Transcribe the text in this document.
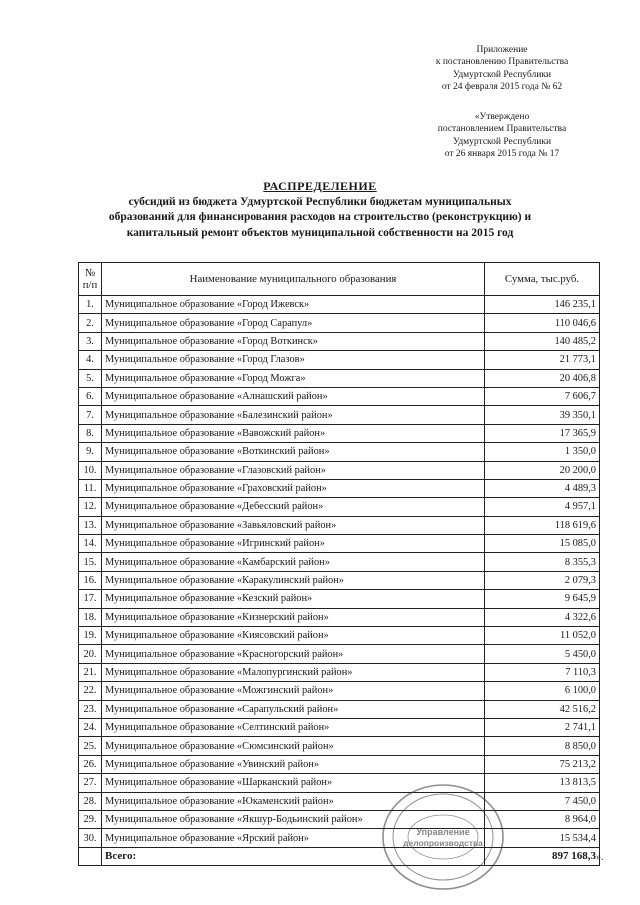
Приложение
к постановлению Правительства
Удмуртской Республики
от 24 февраля 2015 года № 62
«Утверждено
постановлением Правительства
Удмуртской Республики
от 26 января 2015 года № 17
РАСПРЕДЕЛЕНИЕ
субсидий из бюджета Удмуртской Республики бюджетам муниципальных
образований для финансирования расходов на строительство (реконструкцию) и
капитальный ремонт объектов муниципальной собственности на 2015 год
№ п/п	Наименование муниципального образования	Сумма, тыс.руб.
1.	Муниципальное образование «Город Ижевск»	146 235,1
2.	Муниципальное образование «Город Сарапул»	110 046,6
3.	Муниципальное образование «Город Воткинск»	140 485,2
4.	Муниципальное образование «Город Глазов»	21 773,1
5.	Муниципальное образование «Город Можга»	20 406,8
6.	Муниципальное образование «Алнашский район»	7 606,7
7.	Муниципальное образование «Балезинский район»	39 350,1
8.	Муниципальное образование «Вавожский район»	17 365,9
9.	Муниципальное образование «Воткинский район»	1 350,0
10.	Муниципальное образование «Глазовский район»	20 200,0
11.	Муниципальное образование «Граховский район»	4 489,3
12.	Муниципальное образование «Дебесский район»	4 957,1
13.	Муниципальное образование «Завьяловский район»	118 619,6
14.	Муниципальное образование «Игринский район»	15 085,0
15.	Муниципальное образование «Камбарский район»	8 355,3
16.	Муниципальное образование «Каракулинский район»	2 079,3
17.	Муниципальное образование «Кезский район»	9 645,9
18.	Муниципальное образование «Кизнерский район»	4 322,6
19.	Муниципальное образование «Киясовский район»	11 052,0
20.	Муниципальное образование «Красногорский район»	5 450,0
21.	Муниципальное образование «Малопургинский район»	7 110,3
22.	Муниципальное образование «Можгинский район»	6 100,0
23.	Муниципальное образование «Сарапульский район»	42 516,2
24.	Муниципальное образование «Селтинский район»	2 741,1
25.	Муниципальное образование «Сюмсинский район»	8 850,0
26.	Муниципальное образование «Увинский район»	75 213,2
27.	Муниципальное образование «Шарканский район»	13 813,5
28.	Муниципальное образование «Юкаменский район»	7 450,0
29.	Муниципальное образование «Якшур-Бодьинский район»	8 964,0
30.	Муниципальное образование «Ярский район»	15 534,4
	Всего:	897 168,3 ».
Управление
делопроизводства
